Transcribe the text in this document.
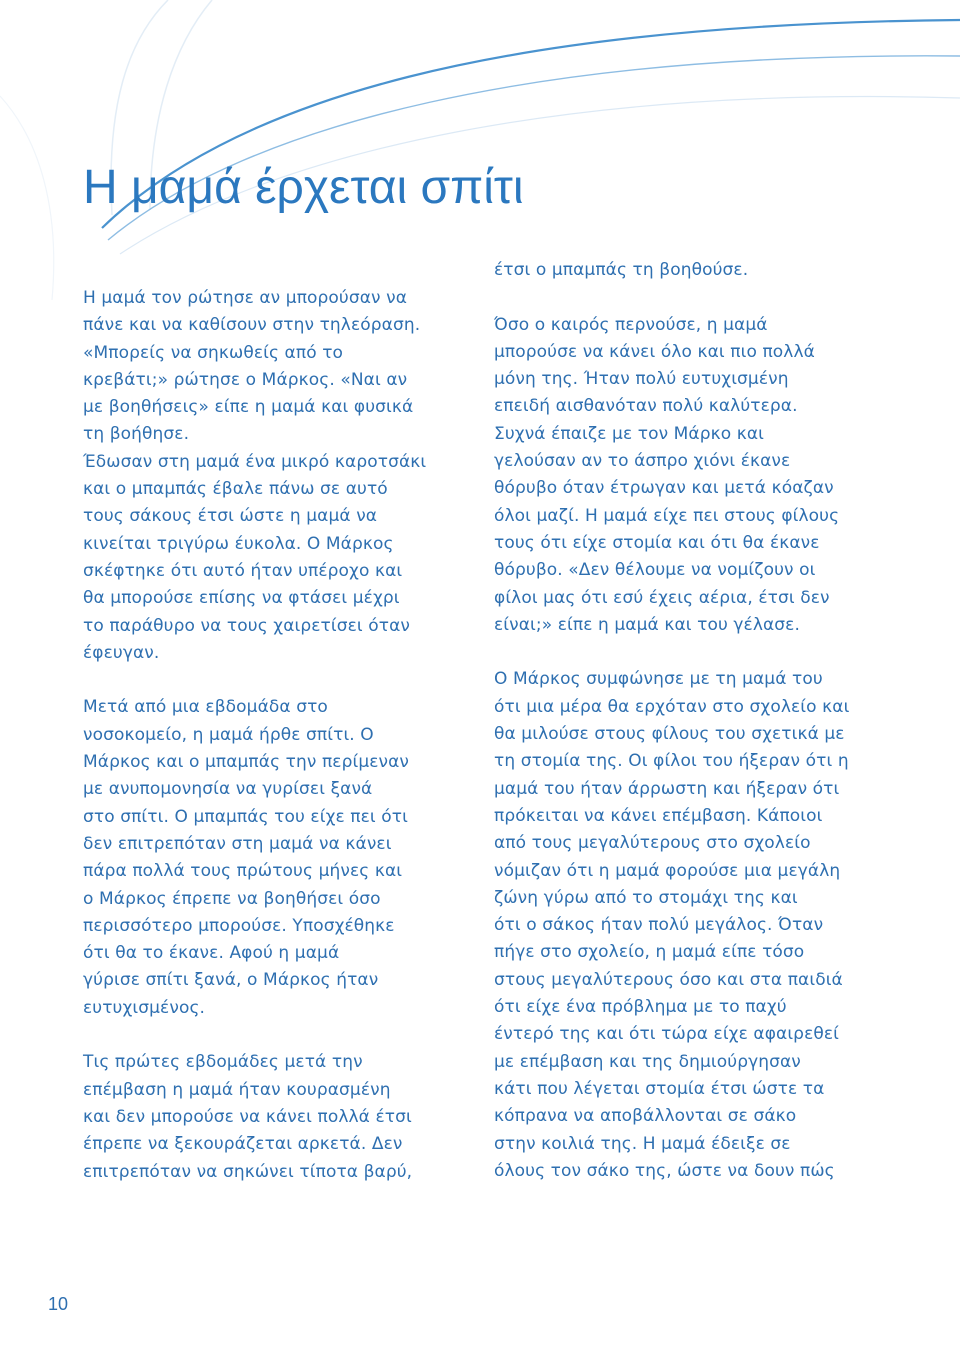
Η μαμά έρχεται σπίτι
Η μαμά τον ρώτησε αν μπορούσαν να
πάνε και να καθίσουν στην τηλεόραση.
«Μπορείς να σηκωθείς από το
κρεβάτι;» ρώτησε ο Μάρκος. «Ναι αν
με βοηθήσεις» είπε η μαμά και φυσικά
τη βοήθησε.
Έδωσαν στη μαμά ένα μικρό καροτσάκι
και ο μπαμπάς έβαλε πάνω σε αυτό
τους σάκους έτσι ώστε η μαμά να
κινείται τριγύρω έυκολα. Ο Μάρκος
σκέφτηκε ότι αυτό ήταν υπέροχο και
θα μπορούσε επίσης να φτάσει μέχρι
το παράθυρο να τους χαιρετίσει όταν
έφευγαν.
Μετά από μια εβδομάδα στο
νοσοκομείο, η μαμά ήρθε σπίτι. Ο
Μάρκος και ο μπαμπάς την περίμεναν
με ανυπομονησία να γυρίσει ξανά
στο σπίτι. Ο μπαμπάς του είχε πει ότι
δεν επιτρεπόταν στη μαμά να κάνει
πάρα πολλά τους πρώτους μήνες και
ο Μάρκος έπρεπε να βοηθήσει όσο
περισσότερο μπορούσε. Υποσχέθηκε
ότι θα το έκανε. Αφού η μαμά
γύρισε σπίτι ξανά, ο Μάρκος ήταν
ευτυχισμένος.
Τις πρώτες εβδομάδες μετά την
επέμβαση η μαμά ήταν κουρασμένη
και δεν μπορούσε να κάνει πολλά έτσι
έπρεπε να ξεκουράζεται αρκετά. Δεν
επιτρεπόταν να σηκώνει τίποτα βαρύ,
έτσι ο μπαμπάς τη βοηθούσε.
Όσο ο καιρός περνούσε, η μαμά
μπορούσε να κάνει όλο και πιο πολλά
μόνη της. Ήταν πολύ ευτυχισμένη
επειδή αισθανόταν πολύ καλύτερα.
Συχνά έπαιζε με τον Μάρκο και
γελούσαν αν το άσπρο χιόνι έκανε
θόρυβο όταν έτρωγαν και μετά κόαζαν
όλοι μαζί. Η μαμά είχε πει στους φίλους
τους ότι είχε στομία και ότι θα έκανε
θόρυβο. «Δεν θέλουμε να νομίζουν οι
φίλοι μας ότι εσύ έχεις αέρια, έτσι δεν
είναι;» είπε η μαμά και του γέλασε.
Ο Μάρκος συμφώνησε με τη μαμά του
ότι μια μέρα θα ερχόταν στο σχολείο και
θα μιλούσε στους φίλους του σχετικά με
τη στομία της. Οι φίλοι του ήξεραν ότι η
μαμά του ήταν άρρωστη και ήξεραν ότι
πρόκειται να κάνει επέμβαση. Κάποιοι
από τους μεγαλύτερους στο σχολείο
νόμιζαν ότι η μαμά φορούσε μια μεγάλη
ζώνη γύρω από το στομάχι της και
ότι ο σάκος ήταν πολύ μεγάλος. Όταν
πήγε στο σχολείο, η μαμά είπε τόσο
στους μεγαλύτερους όσο και στα παιδιά
ότι είχε ένα πρόβλημα με το παχύ
έντερό της και ότι τώρα είχε αφαιρεθεί
με επέμβαση και της δημιούργησαν
κάτι που λέγεται στομία έτσι ώστε τα
κόπρανα να αποβάλλονται σε σάκο
στην κοιλιά της. Η μαμά έδειξε σε
όλους τον σάκο της, ώστε να δουν πώς
10
